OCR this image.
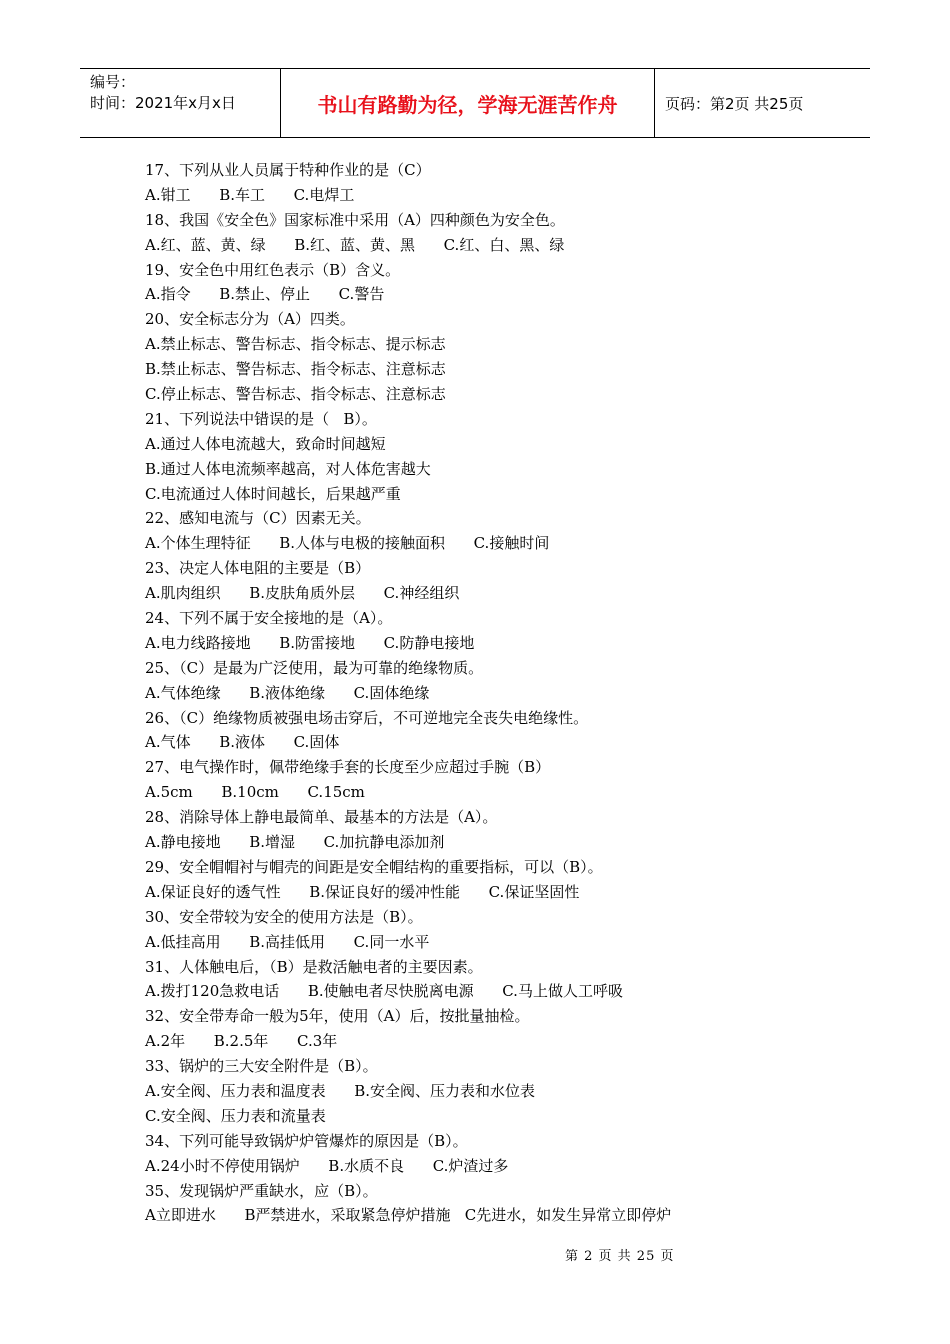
编号：
时间：2021年x月x日	书山有路勤为径，学海无涯苦作舟	页码：第2页 共25页
17、下列从业人员属于特种作业的是（C）
A.钳工      B.车工      C.电焊工
18、我国《安全色》国家标准中采用（A）四种颜色为安全色。
A.红、蓝、黄、绿      B.红、蓝、黄、黑      C.红、白、黑、绿
19、安全色中用红色表示（B）含义。
A.指令      B.禁止、停止      C.警告
20、安全标志分为（A）四类。
A.禁止标志、警告标志、指令标志、提示标志
B.禁止标志、警告标志、指令标志、注意标志
C.停止标志、警告标志、指令标志、注意标志
21、下列说法中错误的是（   B）。
A.通过人体电流越大，致命时间越短
B.通过人体电流频率越高，对人体危害越大
C.电流通过人体时间越长，后果越严重
22、感知电流与（C）因素无关。
A.个体生理特征      B.人体与电极的接触面积      C.接触时间
23、决定人体电阻的主要是（B）
A.肌肉组织      B.皮肤角质外层      C.神经组织
24、下列不属于安全接地的是（A）。
A.电力线路接地      B.防雷接地      C.防静电接地
25、（C）是最为广泛使用，最为可靠的绝缘物质。
A.气体绝缘      B.液体绝缘      C.固体绝缘
26、（C）绝缘物质被强电场击穿后，不可逆地完全丧失电绝缘性。
A.气体      B.液体      C.固体
27、电气操作时，佩带绝缘手套的长度至少应超过手腕（B）
A.5cm      B.10cm      C.15cm
28、消除导体上静电最简单、最基本的方法是（A）。
A.静电接地      B.增湿      C.加抗静电添加剂
29、安全帽帽衬与帽壳的间距是安全帽结构的重要指标，可以（B）。
A.保证良好的透气性      B.保证良好的缓冲性能      C.保证坚固性
30、安全带较为安全的使用方法是（B）。
A.低挂高用      B.高挂低用      C.同一水平
31、人体触电后，（B）是救活触电者的主要因素。
A.拨打120急救电话      B.使触电者尽快脱离电源      C.马上做人工呼吸
32、安全带寿命一般为5年，使用（A）后，按批量抽检。
A.2年      B.2.5年      C.3年
33、锅炉的三大安全附件是（B）。
A.安全阀、压力表和温度表      B.安全阀、压力表和水位表
C.安全阀、压力表和流量表
34、下列可能导致锅炉炉管爆炸的原因是（B）。
A.24小时不停使用锅炉      B.水质不良      C.炉渣过多
35、发现锅炉严重缺水，应（B）。
A立即进水      B严禁进水，采取紧急停炉措施   C先进水，如发生异常立即停炉
第 2 页 共 25 页
